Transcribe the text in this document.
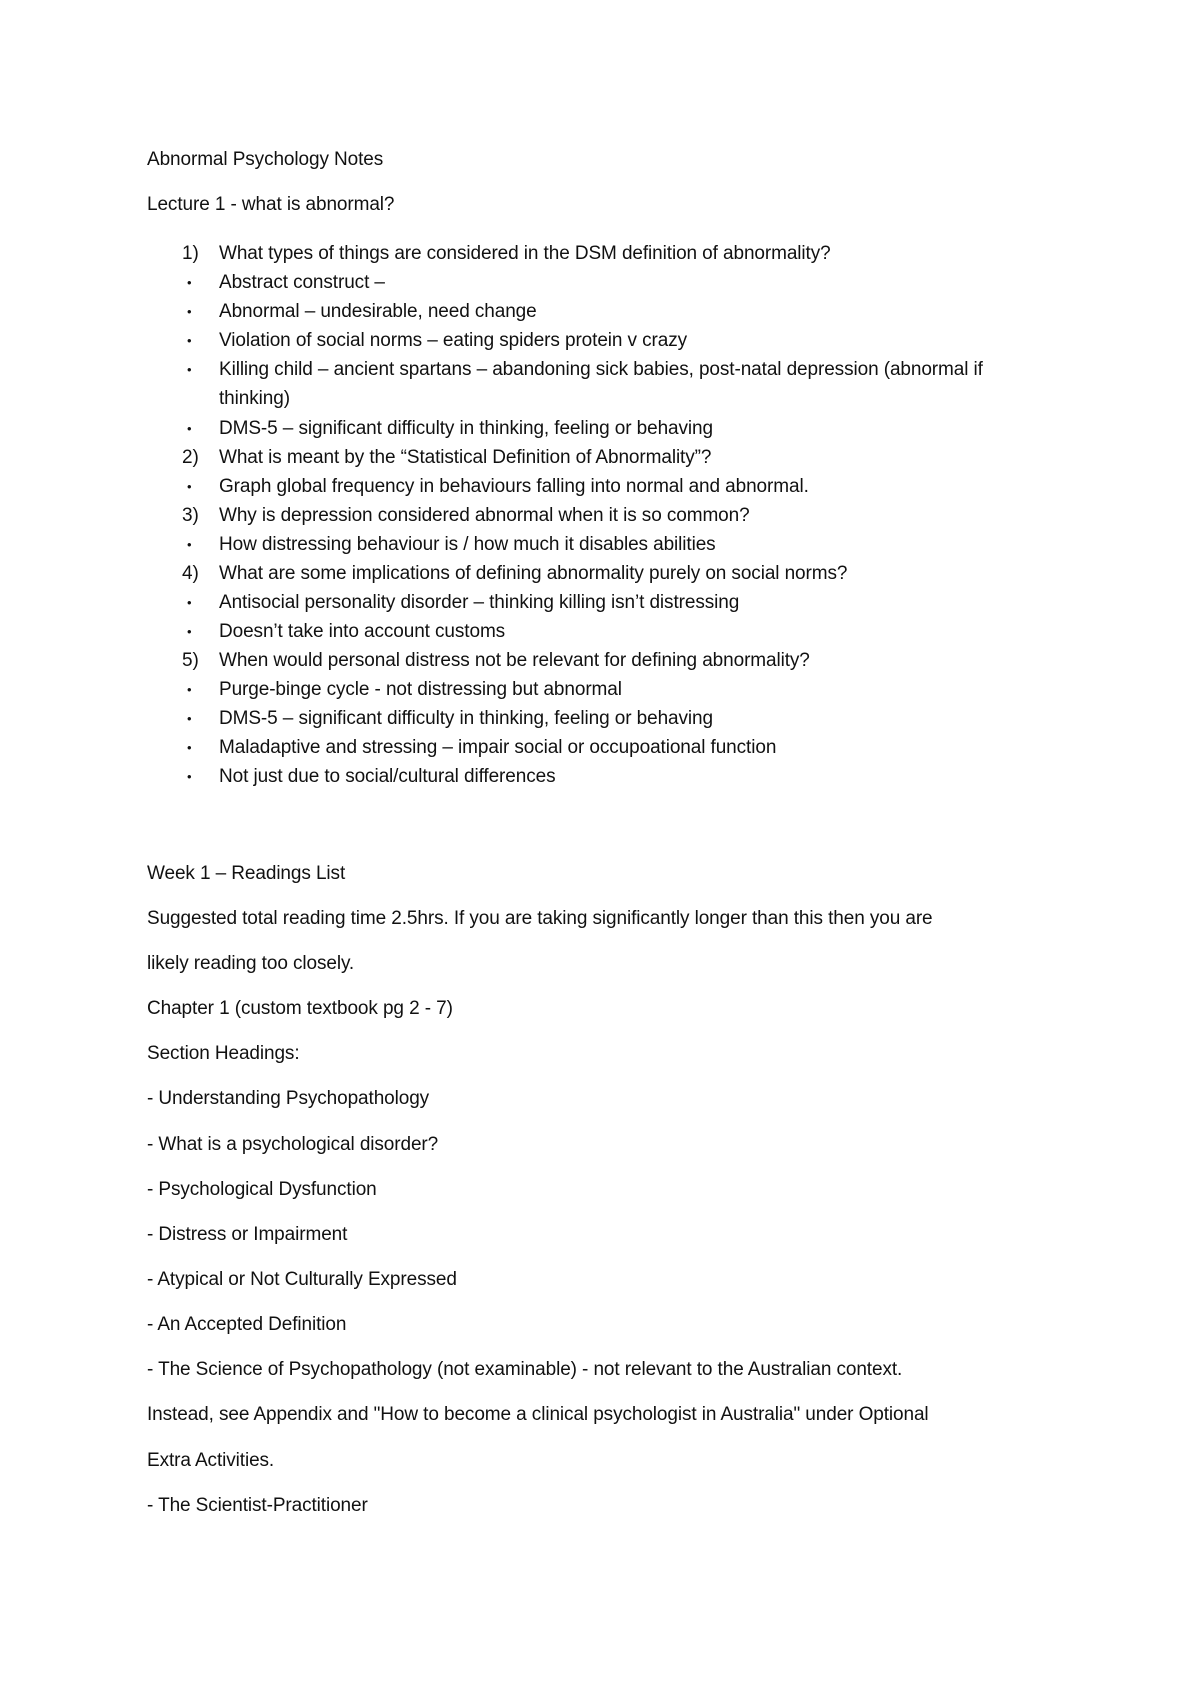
Abnormal Psychology Notes
Lecture 1 - what is abnormal?
1)	What types of things are considered in the DSM definition of abnormality?
•	Abstract construct –
•	Abnormal – undesirable, need change
•	Violation of social norms – eating spiders protein v crazy
•	Killing child – ancient spartans – abandoning sick babies, post-natal depression (abnormal if thinking)
•	DMS-5 – significant difficulty in thinking, feeling or behaving
2)	What is meant by the “Statistical Definition of Abnormality”?
•	Graph global frequency in behaviours falling into normal and abnormal.
3)	Why is depression considered abnormal when it is so common?
•	How distressing behaviour is / how much it disables abilities
4)	What are some implications of defining abnormality purely on social norms?
•	Antisocial personality disorder – thinking killing isn’t distressing
•	Doesn’t take into account customs
5)	When would personal distress not be relevant for defining abnormality?
•	Purge-binge cycle - not distressing but abnormal
•	DMS-5 – significant difficulty in thinking, feeling or behaving
•	Maladaptive and stressing – impair social or occupoational function
•	Not just due to social/cultural differences
Week 1 – Readings List
Suggested total reading time 2.5hrs. If you are taking significantly longer than this then you are
likely reading too closely.
Chapter 1 (custom textbook pg 2 - 7)
Section Headings:
- Understanding Psychopathology
- What is a psychological disorder?
- Psychological Dysfunction
- Distress or Impairment
- Atypical or Not Culturally Expressed
- An Accepted Definition
- The Science of Psychopathology (not examinable) - not relevant to the Australian context.
Instead, see Appendix and "How to become a clinical psychologist in Australia" under Optional
Extra Activities.
- The Scientist-Practitioner
